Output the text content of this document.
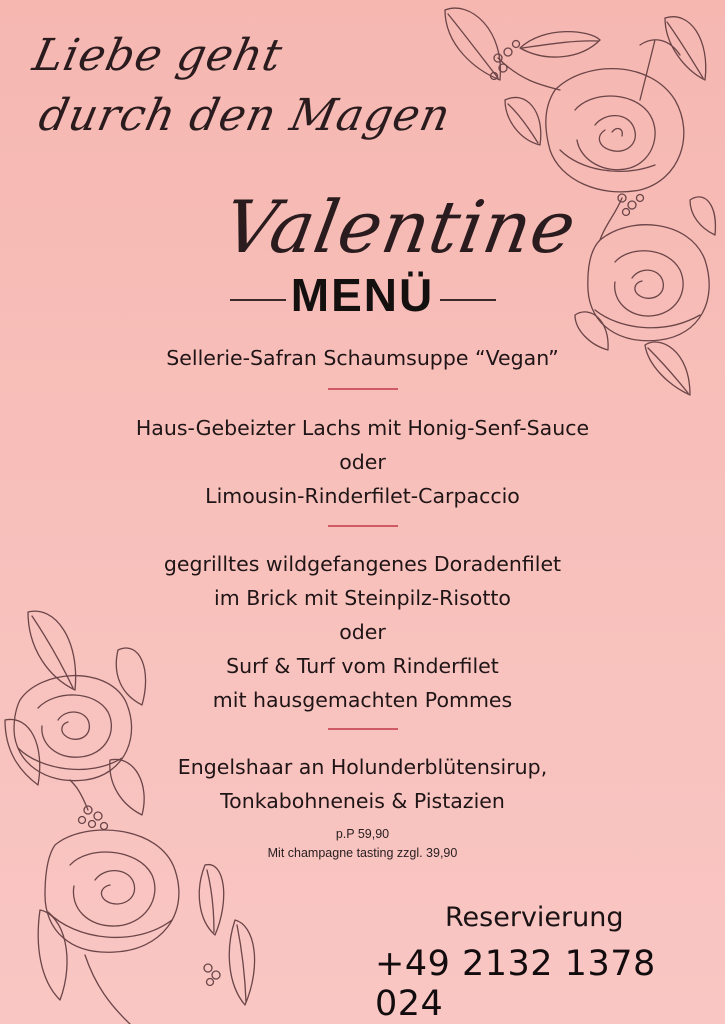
Liebe geht
durch den Magen
Valentine
MENÜ
Sellerie-Safran Schaumsuppe “Vegan”
Haus-Gebeizter Lachs mit Honig-Senf-Sauce
oder
Limousin-Rinderfilet-Carpaccio
gegrilltes wildgefangenes Doradenfilet
im Brick mit Steinpilz-Risotto
oder
Surf & Turf vom Rinderfilet
mit hausgemachten Pommes
Engelshaar an Holunderblütensirup,
Tonkabohneneis & Pistazien
p.P 59,90
Mit champagne tasting zzgl. 39,90
Reservierung
+49 2132 1378 024
